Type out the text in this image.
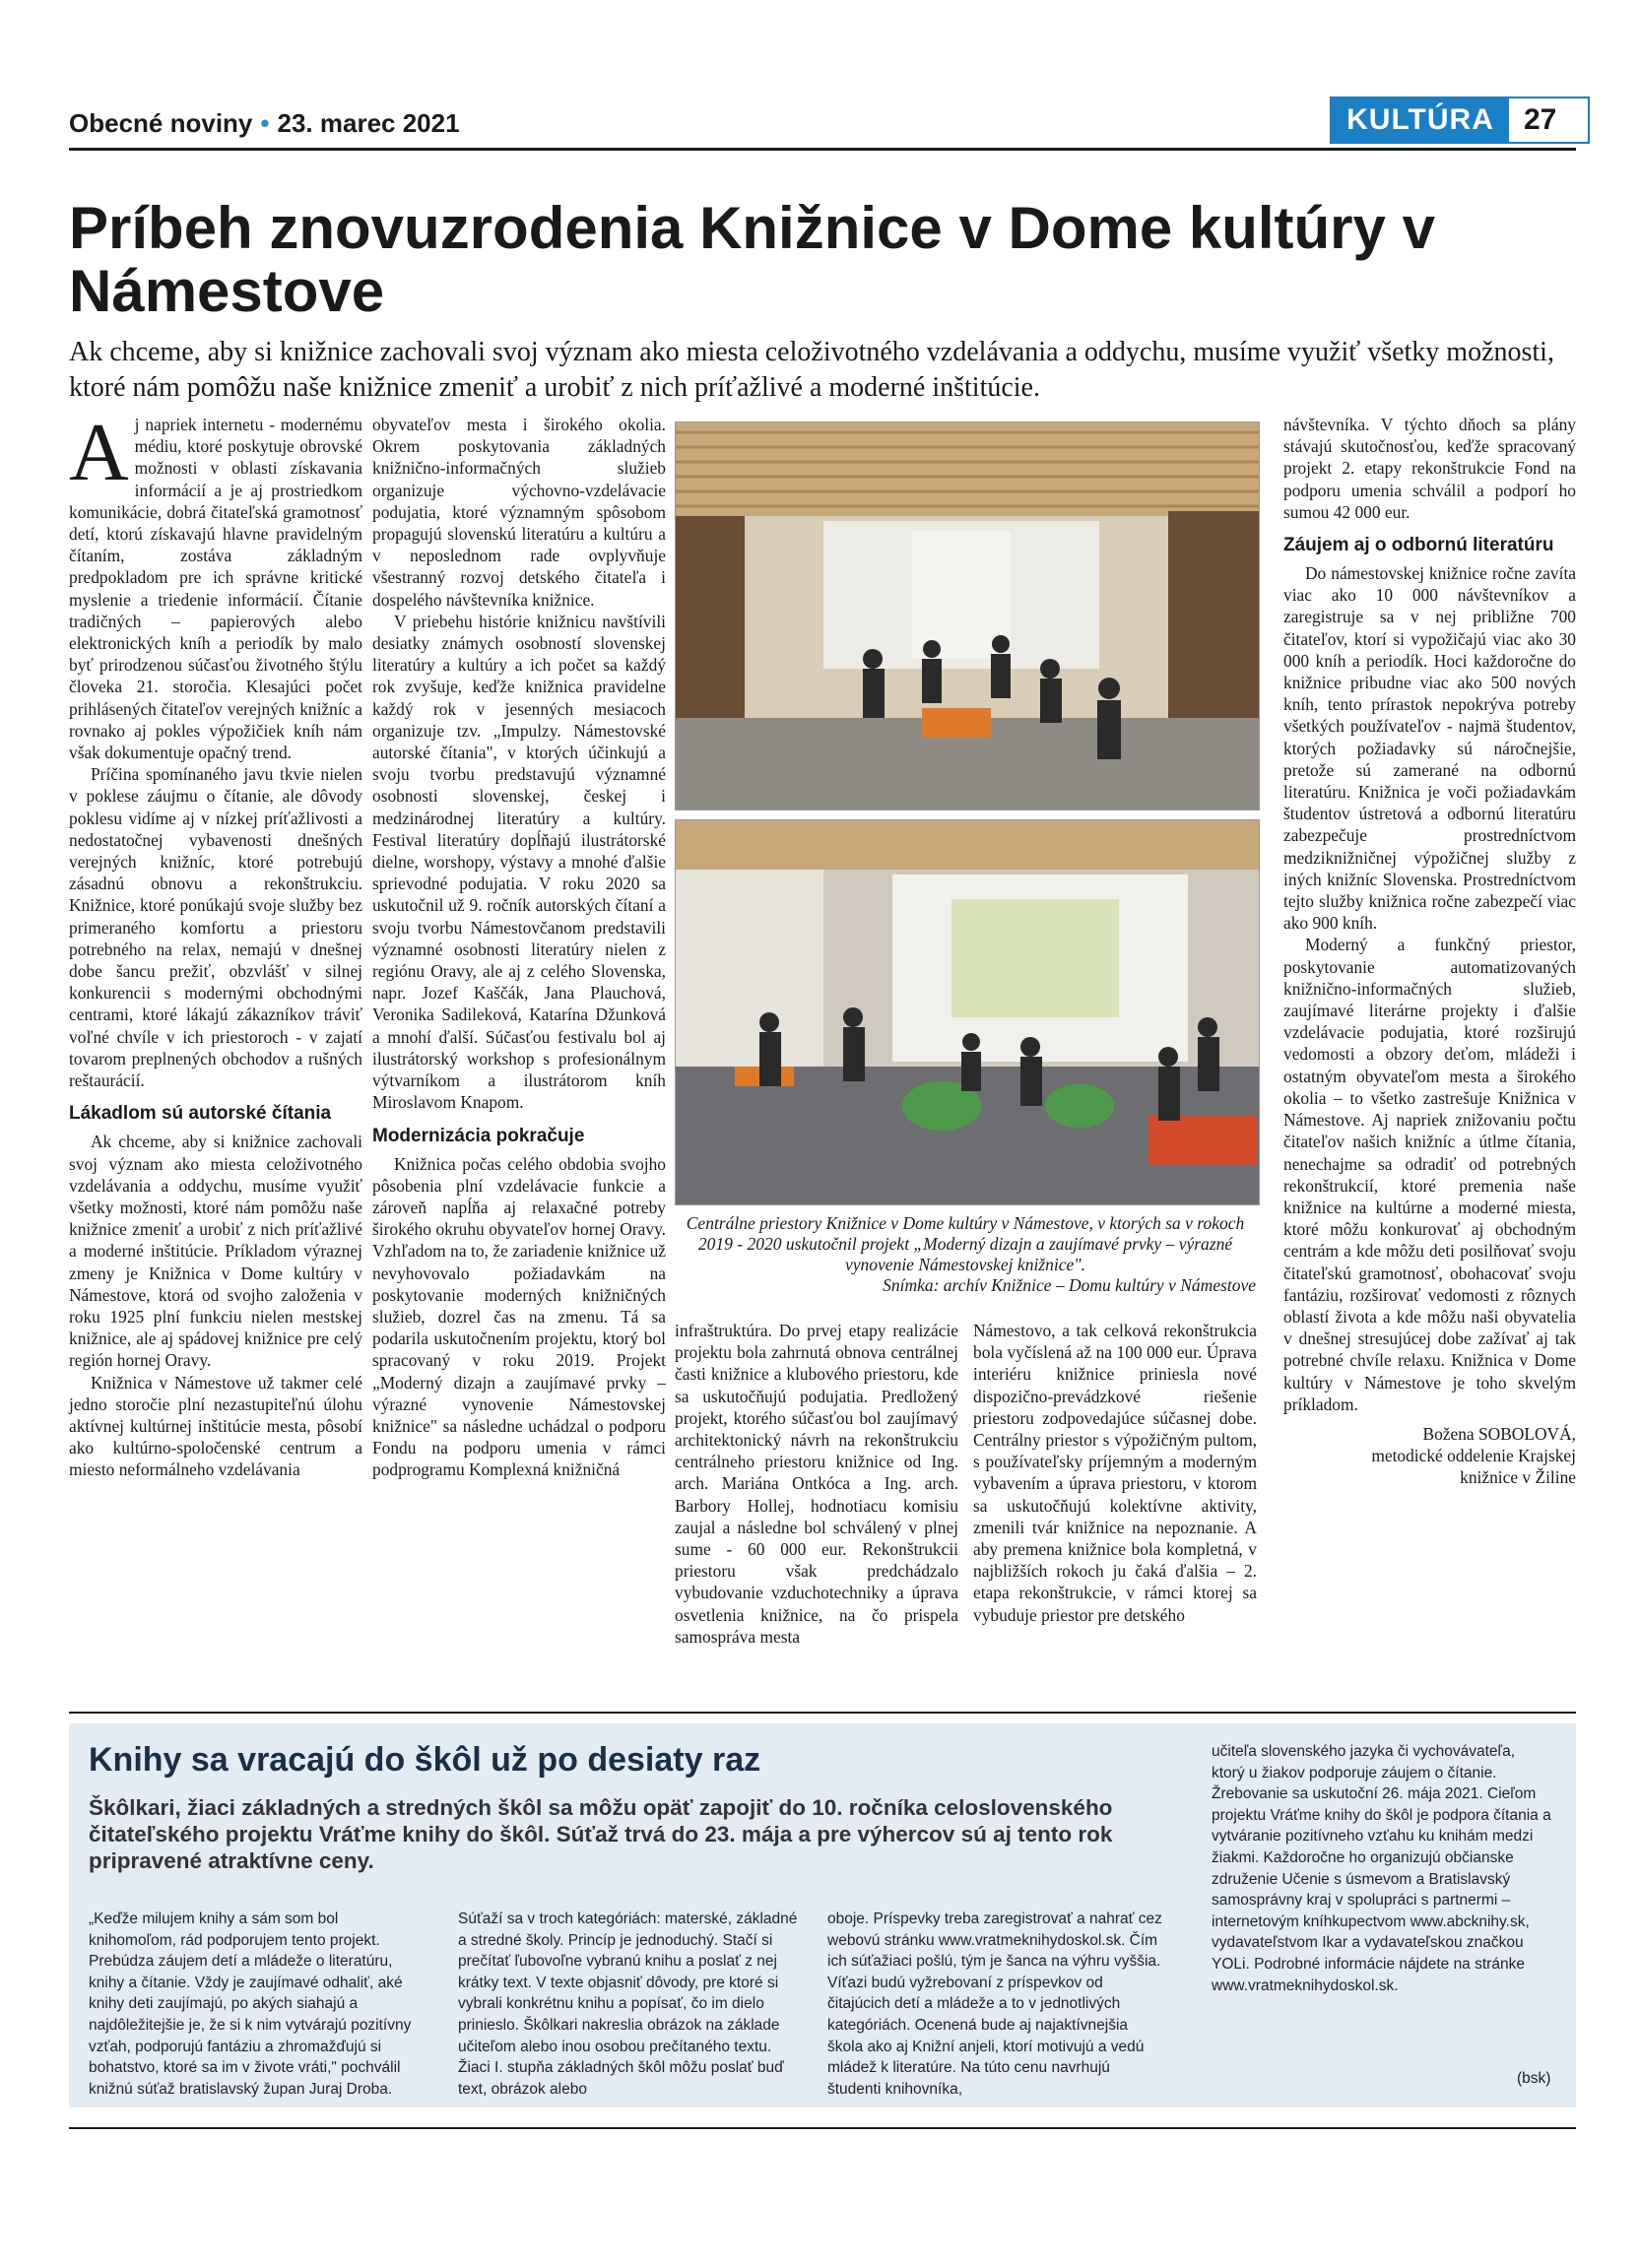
Obecné noviny • 23. marec 2021	KULTÚRA	27
Príbeh znovuzrodenia Knižnice v Dome kultúry v Námestove
Ak chceme, aby si knižnice zachovali svoj význam ako miesta celoživotného vzdelávania a oddychu, musíme využiť všetky možnosti, ktoré nám pomôžu naše knižnice zmeniť a urobiť z nich príťažlivé a moderné inštitúcie.

Aj napriek internetu - modernému médiu, ktoré poskytuje obrovské možnosti v oblasti získavania informácií a je aj prostriedkom komunikácie, dobrá čitateľská gramotnosť detí, ktorú získavajú hlavne pravidelným čítaním, zostáva základným predpokladom pre ich správne kritické myslenie a triedenie informácií. Čítanie tradičných – papierových alebo elektronických kníh a periodík by malo byť prirodzenou súčasťou životného štýlu človeka 21. storočia. Klesajúci počet prihlásených čitateľov verejných knižníc a rovnako aj pokles výpožičiek kníh nám však dokumentuje opačný trend.

Príčina spomínaného javu tkvie nielen v poklese záujmu o čítanie, ale dôvody poklesu vidíme aj v nízkej príťažlivosti a nedostatočnej vybavenosti dnešných verejných knižníc, ktoré potrebujú zásadnú obnovu a rekonštrukciu. Knižnice, ktoré ponúkajú svoje služby bez primeraného komfortu a priestoru potrebného na relax, nemajú v dnešnej dobe šancu prežiť, obzvlášť v silnej konkurencii s modernými obchodnými centrami, ktoré lákajú zákazníkov tráviť voľné chvíle v ich priestoroch - v zajatí tovarom preplnených obchodov a rušných reštaurácií.

Lákadlom sú autorské čítania

Ak chceme, aby si knižnice zachovali svoj význam ako miesta celoživotného vzdelávania a oddychu, musíme využiť všetky možnosti, ktoré nám pomôžu naše knižnice zmeniť a urobiť z nich príťažlivé a moderné inštitúcie. Príkladom výraznej zmeny je Knižnica v Dome kultúry v Námestove, ktorá od svojho založenia v roku 1925 plní funkciu nielen mestskej knižnice, ale aj spádovej knižnice pre celý región hornej Oravy.

Knižnica v Námestove už takmer celé jedno storočie plní nezastupiteľnú úlohu aktívnej kultúrnej inštitúcie mesta, pôsobí ako kultúrno-spoločenské centrum a miesto neformálneho vzdelávania

obyvateľov mesta i širokého okolia. Okrem poskytovania základných knižnično-informačných služieb organizuje výchovno-vzdelávacie podujatia, ktoré významným spôsobom propagujú slovenskú literatúru a kultúru a v neposlednom rade ovplyvňuje všestranný rozvoj detského čitateľa i dospelého návštevníka knižnice.

V priebehu histórie knižnicu navštívili desiatky známych osobností slovenskej literatúry a kultúry a ich počet sa každý rok zvyšuje, keďže knižnica pravidelne každý rok v jesenných mesiacoch organizuje tzv. „Impulzy. Námestovské autorské čítania", v ktorých účinkujú a svoju tvorbu predstavujú významné osobnosti slovenskej, českej i medzinárodnej literatúry a kultúry. Festival literatúry dopĺňajú ilustrátorské dielne, worshopy, výstavy a mnohé ďalšie sprievodné podujatia. V roku 2020 sa uskutočnil už 9. ročník autorských čítaní a svoju tvorbu Námestovčanom predstavili významné osobnosti literatúry nielen z regiónu Oravy, ale aj z celého Slovenska, napr. Jozef Kaščák, Jana Plauchová, Veronika Sadileková, Katarína Džunková a mnohí ďalší. Súčasťou festivalu bol aj ilustrátorský workshop s profesionálnym výtvarníkom a ilustrátorom kníh Miroslavom Knapom.

Modernizácia pokračuje

Knižnica počas celého obdobia svojho pôsobenia plní vzdelávacie funkcie a zároveň napĺňa aj relaxačné potreby širokého okruhu obyvateľov hornej Oravy. Vzhľadom na to, že zariadenie knižnice už nevyhovovalo požiadavkám na poskytovanie moderných knižničných služieb, dozrel čas na zmenu. Tá sa podarila uskutočnením projektu, ktorý bol spracovaný v roku 2019. Projekt „Moderný dizajn a zaujímavé prvky – výrazné vynovenie Námestovskej knižnice" sa následne uchádzal o podporu Fondu na podporu umenia v rámci podprogramu Komplexná knižničná

Centrálne priestory Knižnice v Dome kultúry v Námestove, v ktorých sa v rokoch 2019 - 2020 uskutočnil projekt „Moderný dizajn a zaujímavé prvky – výrazné vynovenie Námestovskej knižnice".
Snímka: archív Knižnice – Domu kultúry v Námestove

infraštruktúra. Do prvej etapy realizácie projektu bola zahrnutá obnova centrálnej časti knižnice a klubového priestoru, kde sa uskutočňujú podujatia. Predložený projekt, ktorého súčasťou bol zaujímavý architektonický návrh na rekonštrukciu centrálneho priestoru knižnice od Ing. arch. Mariána Ontkóca a Ing. arch. Barbory Hollej, hodnotiacu komisiu zaujal a následne bol schválený v plnej sume - 60 000 eur. Rekonštrukcii priestoru však predchádzalo vybudovanie vzduchotechniky a úprava osvetlenia knižnice, na čo prispela samospráva mesta

Námestovo, a tak celková rekonštrukcia bola vyčíslená až na 100 000 eur. Úprava interiéru knižnice priniesla nové dispozično-prevádzkové riešenie priestoru zodpovedajúce súčasnej dobe. Centrálny priestor s výpožičným pultom, s používateľsky príjemným a moderným vybavením a úprava priestoru, v ktorom sa uskutočňujú kolektívne aktivity, zmenili tvár knižnice na nepoznanie. A aby premena knižnice bola kompletná, v najbližších rokoch ju čaká ďalšia – 2. etapa rekonštrukcie, v rámci ktorej sa vybuduje priestor pre detského

návštevníka. V týchto dňoch sa plány stávajú skutočnosťou, keďže spracovaný projekt 2. etapy rekonštrukcie Fond na podporu umenia schválil a podporí ho sumou 42 000 eur.

Záujem aj o odbornú literatúru

Do námestovskej knižnice ročne zavíta viac ako 10 000 návštevníkov a zaregistruje sa v nej približne 700 čitateľov, ktorí si vypožičajú viac ako 30 000 kníh a periodík. Hoci každoročne do knižnice pribudne viac ako 500 nových kníh, tento prírastok nepokrýva potreby všetkých používateľov - najmä študentov, ktorých požiadavky sú náročnejšie, pretože sú zamerané na odbornú literatúru. Knižnica je voči požiadavkám študentov ústretová a odbornú literatúru zabezpečuje prostredníctvom medziknižničnej výpožičnej služby z iných knižníc Slovenska. Prostredníctvom tejto služby knižnica ročne zabezpečí viac ako 900 kníh.

Moderný a funkčný priestor, poskytovanie automatizovaných knižnično-informačných služieb, zaujímavé literárne projekty i ďalšie vzdelávacie podujatia, ktoré rozširujú vedomosti a obzory deťom, mládeži i ostatným obyvateľom mesta a širokého okolia – to všetko zastrešuje Knižnica v Námestove. Aj napriek znižovaniu počtu čitateľov našich knižníc a útlme čítania, nenechajme sa odradiť od potrebných rekonštrukcií, ktoré premenia naše knižnice na kultúrne a moderné miesta, ktoré môžu konkurovať aj obchodným centrám a kde môžu deti posilňovať svoju čitateľskú gramotnosť, obohacovať svoju fantáziu, rozširovať vedomosti z rôznych oblastí života a kde môžu naši obyvatelia v dnešnej stresujúcej dobe zažívať aj tak potrebné chvíle relaxu. Knižnica v Dome kultúry v Námestove je toho skvelým príkladom.

Božena SOBOLOVÁ,

metodické oddelenie Krajskej

knižnice v Žiline

Knihy sa vracajú do škôl už po desiaty raz
Škôlkari, žiaci základných a stredných škôl sa môžu opäť zapojiť do 10. ročníka celoslovenského čitateľského projektu Vráťme knihy do škôl. Súťaž trvá do 23. mája a pre výhercov sú aj tento rok pripravené atraktívne ceny.

„Keďže milujem knihy a sám som bol knihomoľom, rád podporujem tento projekt. Prebúdza záujem detí a mládeže o literatúru, knihy a čítanie. Vždy je zaujímavé odhaliť, aké knihy deti zaujímajú, po akých siahajú a najdôležitejšie je, že si k nim vytvárajú pozitívny vzťah, podporujú fantáziu a zhromažďujú si bohatstvo, ktoré sa im v živote vráti," pochválil knižnú súťaž bratislavský župan Juraj Droba.

Súťaží sa v troch kategóriách: materské, základné a stredné školy. Princíp je jednoduchý. Stačí si prečítať ľubovoľne vybranú knihu a poslať z nej krátky text. V texte objasniť dôvody, pre ktoré si vybrali konkrétnu knihu a popísať, čo im dielo prinieslo. Škôlkari nakreslia obrázok na základe učiteľom alebo inou osobou prečítaného textu. Žiaci I. stupňa základných škôl môžu poslať buď text, obrázok alebo

oboje. Príspevky treba zaregistrovať a nahrať cez webovú stránku www.vratmeknihydoskol.sk. Čím ich súťažiaci pošlú, tým je šanca na výhru vyššia. Víťazi budú vyžrebovaní z príspevkov od čitajúcich detí a mládeže a to v jednotlivých kategóriách. Ocenená bude aj najaktívnejšia škola ako aj Knižní anjeli, ktorí motivujú a vedú mládež k literatúre. Na túto cenu navrhujú študenti knihovníka,

učiteľa slovenského jazyka či vychovávateľa, ktorý u žiakov podporuje záujem o čítanie. Žrebovanie sa uskutoční 26. mája 2021. Cieľom projektu Vráťme knihy do škôl je podpora čítania a vytváranie pozitívneho vzťahu ku knihám medzi žiakmi. Každoročne ho organizujú občianske združenie Učenie s úsmevom a Bratislavský samosprávny kraj v spolupráci s partnermi – internetovým kníhkupectvom www.abcknihy.sk, vydavateľstvom Ikar a vydavateľskou značkou YOLi. Podrobné informácie nájdete na stránke www.vratmeknihydoskol.sk.

(bsk)
